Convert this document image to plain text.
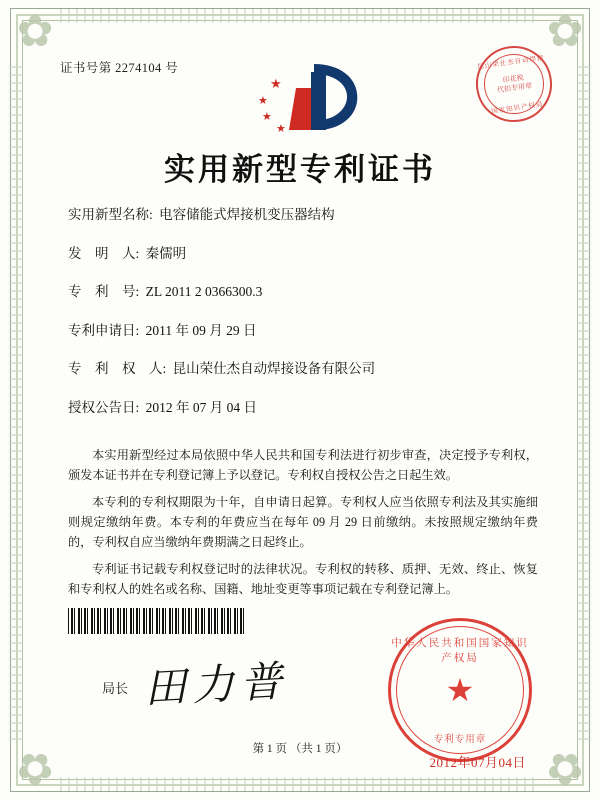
✿	✿
✿	✿
证书号第 2274104 号
★
★
★
★
昆山荣仕杰自动焊接
印花税
代扣专用章
国家知识产权局
实用新型专利证书
实用新型名称: 电容储能式焊接机变压器结构
发　明　人: 秦儒明
专　利　号: ZL 2011 2 0366300.3
专利申请日: 2011 年 09 月 29 日
专　利　权　人: 昆山荣仕杰自动焊接设备有限公司
授权公告日: 2012 年 07 月 04 日

本实用新型经过本局依照中华人民共和国专利法进行初步审查，决定授予专利权，颁发本证书并在专利登记簿上予以登记。专利权自授权公告之日起生效。

本专利的专利权期限为十年，自申请日起算。专利权人应当依照专利法及其实施细则规定缴纳年费。本专利的年费应当在每年 09 月 29 日前缴纳。未按照规定缴纳年费的，专利权自应当缴纳年费期满之日起终止。

专利证书记载专利权登记时的法律状况。专利权的转移、质押、无效、终止、恢复和专利权人的姓名或名称、国籍、地址变更等事项记载在专利登记簿上。

局长 田力普
中华人民共和国国家知识产权局
★
专利专用章
2012年07月04日
第 1 页 （共 1 页）
